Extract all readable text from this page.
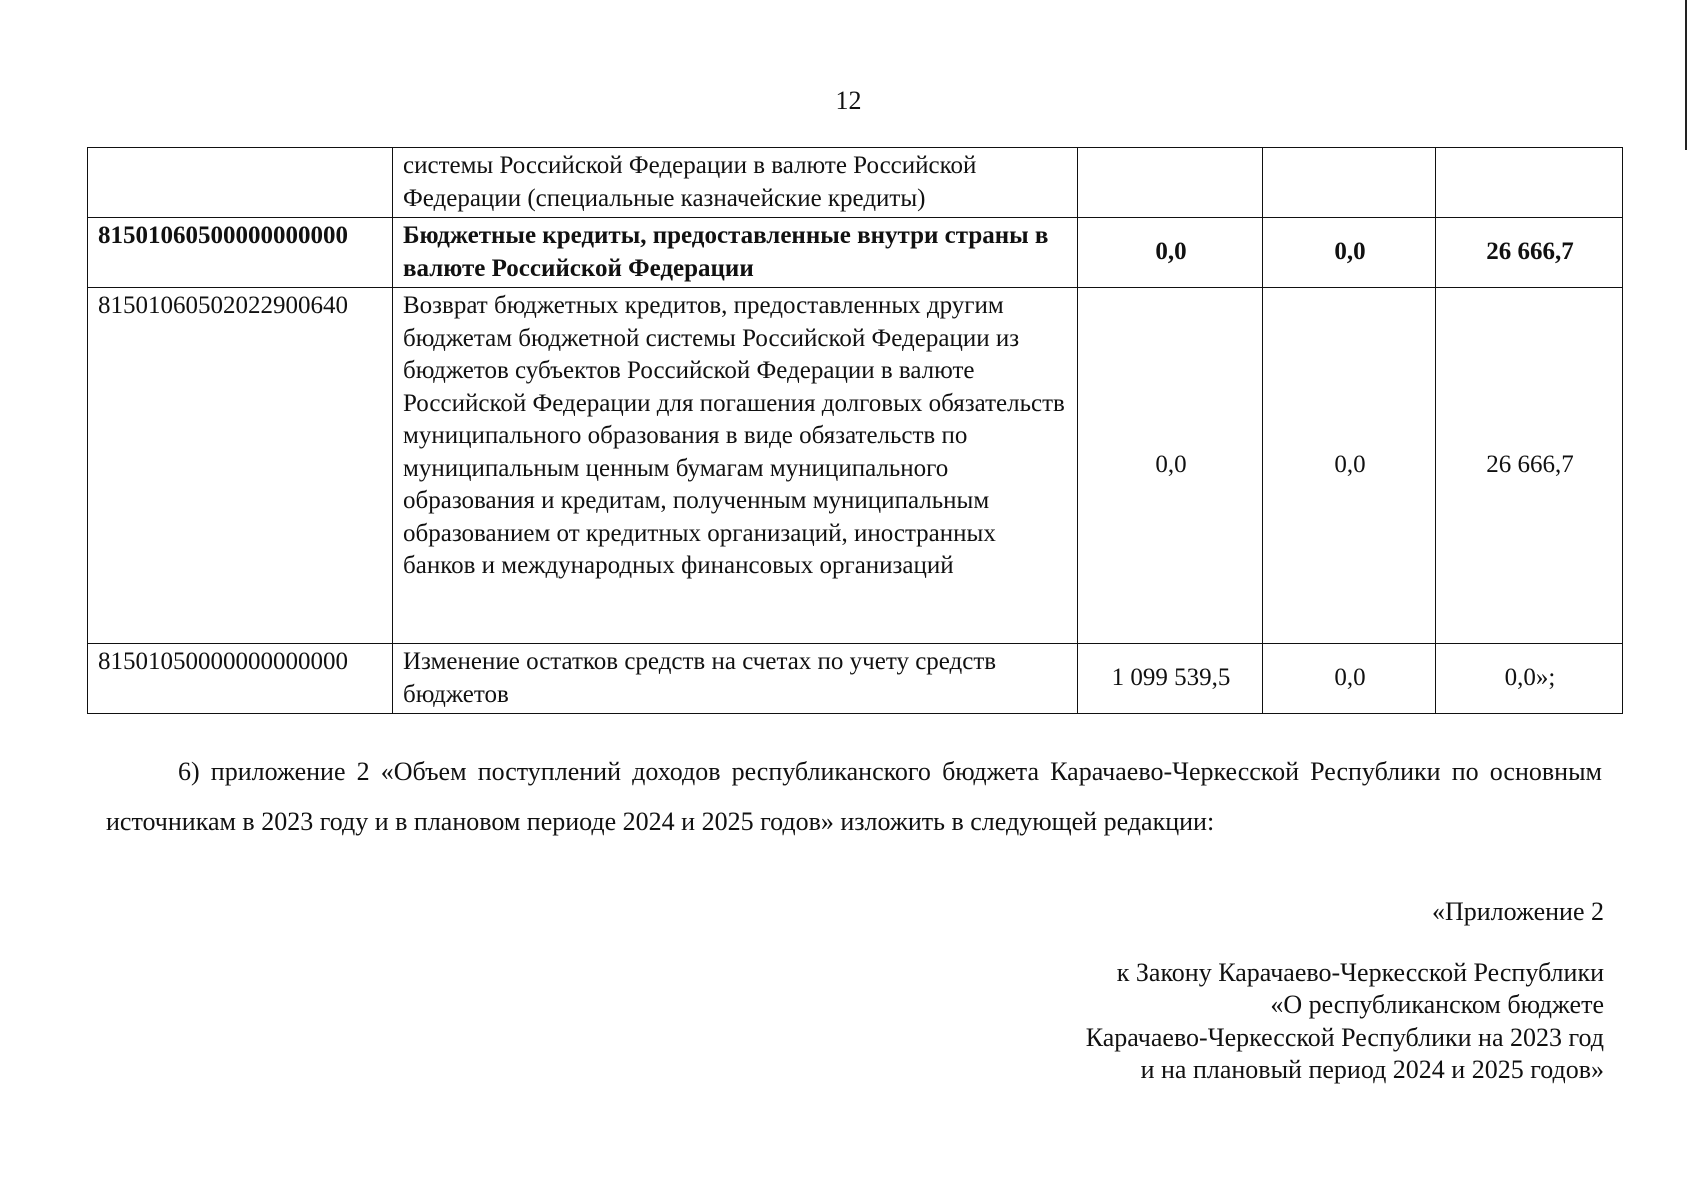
12
	системы Российской Федерации в валюте Российской Федерации (специальные казначейские кредиты)			
81501060500000000000	Бюджетные кредиты, предоставленные внутри страны в валюте Российской Федерации	0,0	0,0	26 666,7
81501060502022900640	Возврат бюджетных кредитов, предоставленных другим бюджетам бюджетной системы Российской Федерации из бюджетов субъектов Российской Федерации в валюте Российской Федерации для погашения долговых обязательств муниципального образования в виде обязательств по муниципальным ценным бумагам муниципального образования и кредитам, полученным муниципальным образованием от кредитных организаций, иностранных банков и международных финансовых организаций	0,0	0,0	26 666,7
81501050000000000000	Изменение остатков средств на счетах по учету средств бюджетов	1 099 539,5	0,0	0,0»;

6) приложение 2 «Объем поступлений доходов республиканского бюджета Карачаево-Черкесской Республики по основным источникам в 2023 году и в плановом периоде 2024 и 2025 годов» изложить в следующей редакции:

«Приложение 2
к Закону Карачаево-Черкесской Республики
«О республиканском бюджете
Карачаево-Черкесской Республики на 2023 год
и на плановый период 2024 и 2025 годов»
